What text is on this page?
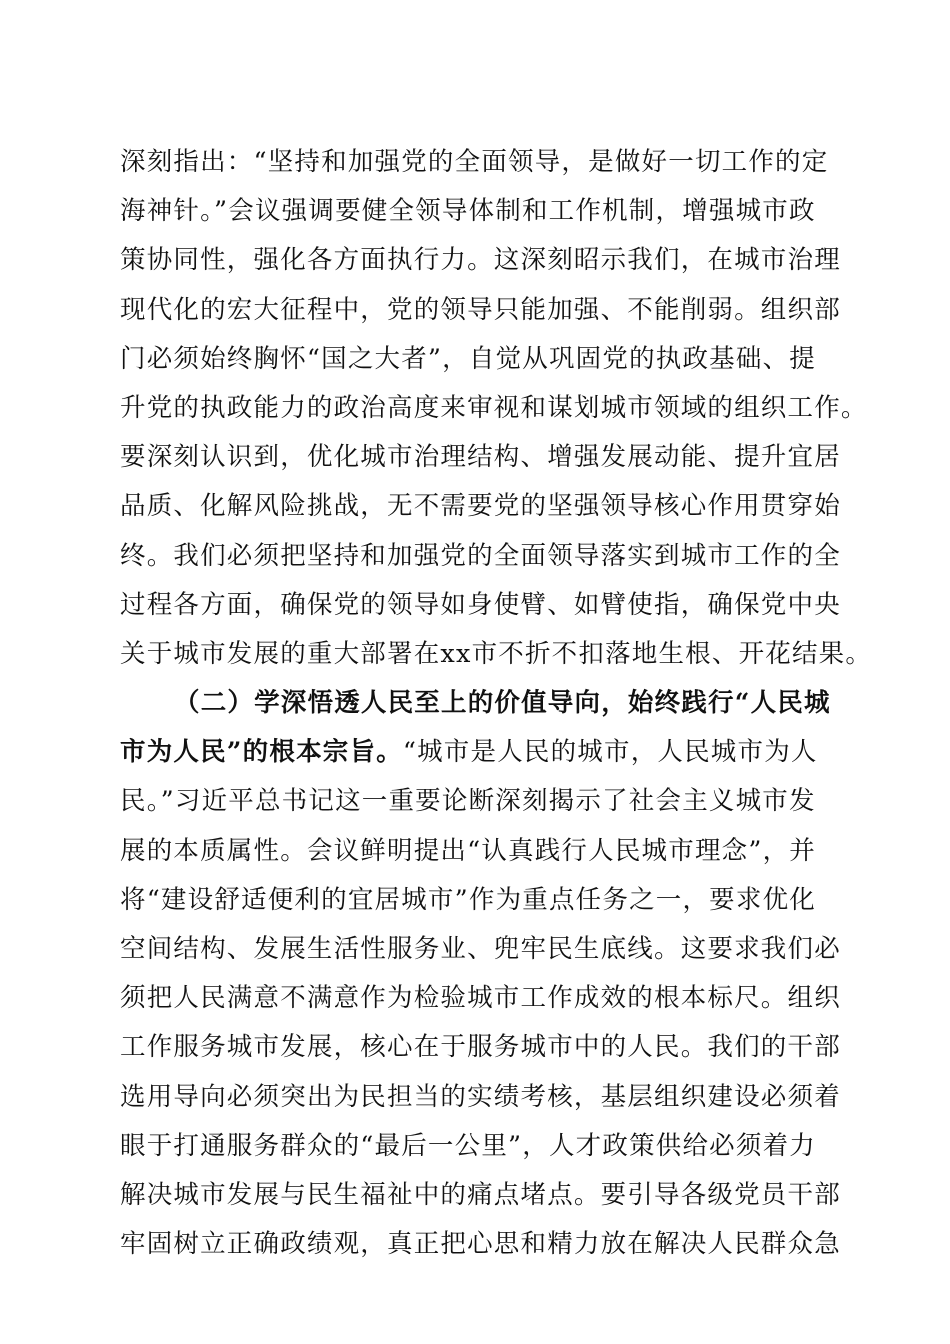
深刻指出：“坚持和加强党的全面领导，是做好一切工作的定
海神针。”会议强调要健全领导体制和工作机制，增强城市政
策协同性，强化各方面执行力。这深刻昭示我们，在城市治理
现代化的宏大征程中，党的领导只能加强、不能削弱。组织部
门必须始终胸怀“国之大者”，自觉从巩固党的执政基础、提
升党的执政能力的政治高度来审视和谋划城市领域的组织工作。
要深刻认识到，优化城市治理结构、增强发展动能、提升宜居
品质、化解风险挑战，无不需要党的坚强领导核心作用贯穿始
终。我们必须把坚持和加强党的全面领导落实到城市工作的全
过程各方面，确保党的领导如身使臂、如臂使指，确保党中央
关于城市发展的重大部署在xx市不折不扣落地生根、开花结果。
（二）学深悟透人民至上的价值导向，始终践行“人民城
市为人民”的根本宗旨。“城市是人民的城市，人民城市为人
民。”习近平总书记这一重要论断深刻揭示了社会主义城市发
展的本质属性。会议鲜明提出“认真践行人民城市理念”，并
将“建设舒适便利的宜居城市”作为重点任务之一，要求优化
空间结构、发展生活性服务业、兜牢民生底线。这要求我们必
须把人民满意不满意作为检验城市工作成效的根本标尺。组织
工作服务城市发展，核心在于服务城市中的人民。我们的干部
选用导向必须突出为民担当的实绩考核，基层组织建设必须着
眼于打通服务群众的“最后一公里”，人才政策供给必须着力
解决城市发展与民生福祉中的痛点堵点。要引导各级党员干部
牢固树立正确政绩观，真正把心思和精力放在解决人民群众急
